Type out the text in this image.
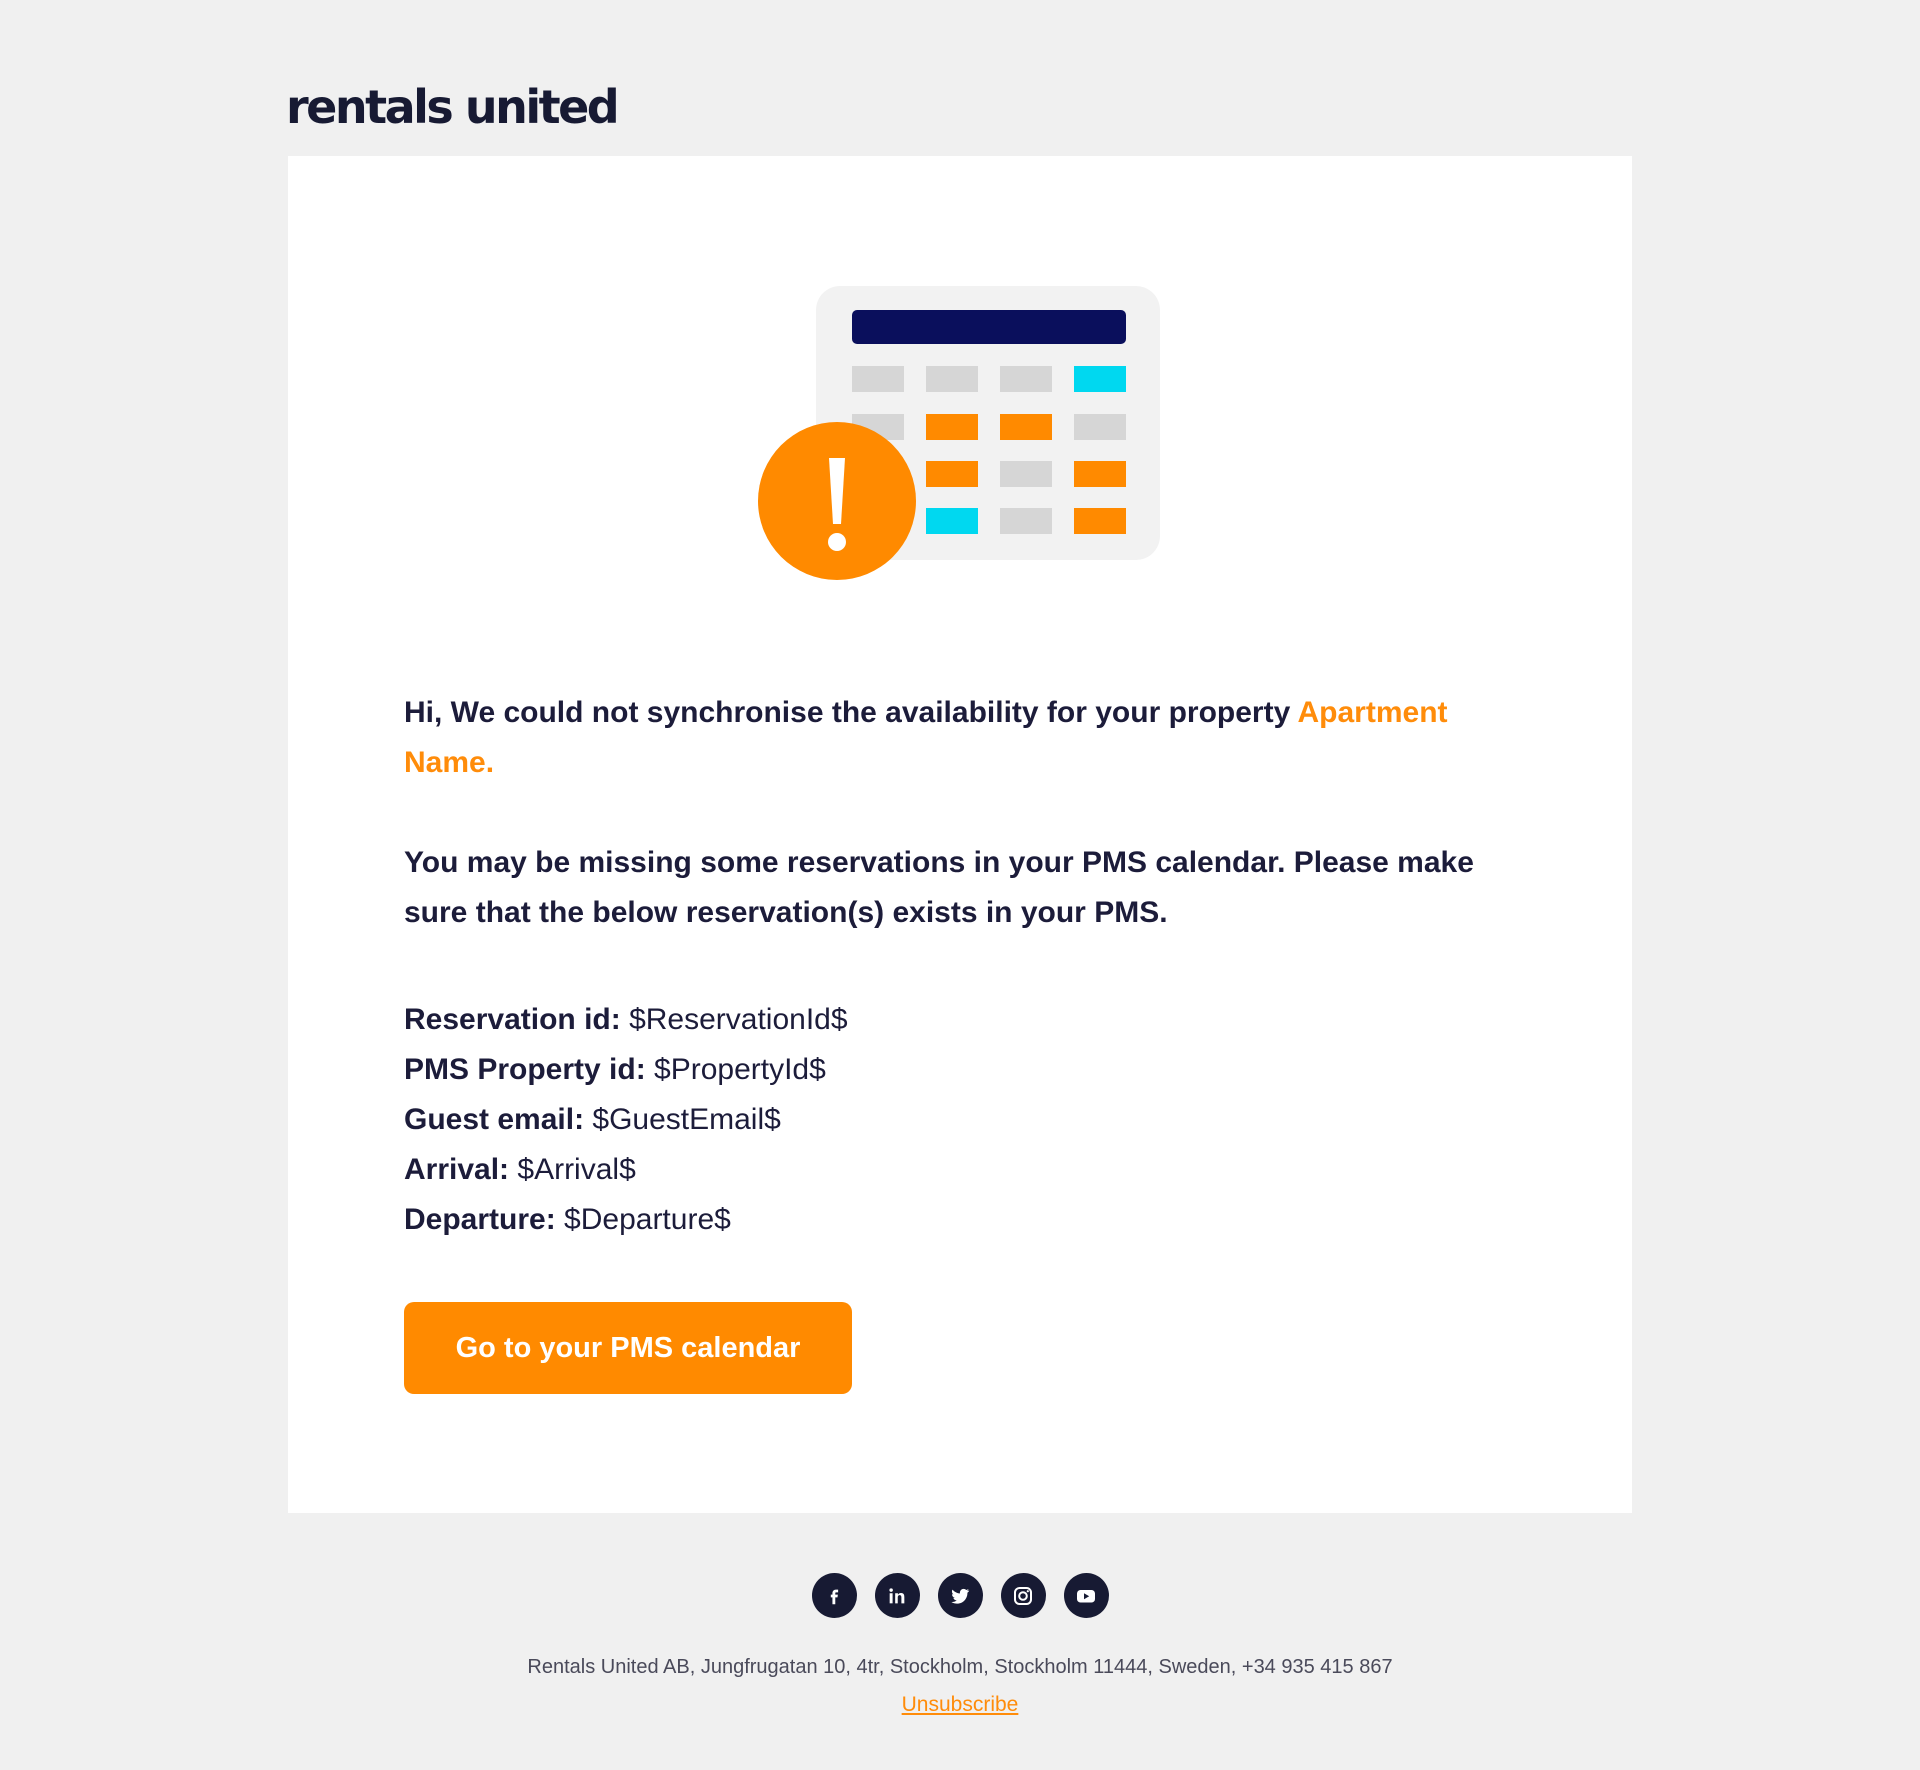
rentals united

Hi, We could not synchronise the availability for your property Apartment Name.

You may be missing some reservations in your PMS calendar. Please make sure that the below reservation(s) exists in your PMS.

Reservation id: $ReservationId$
PMS Property id: $PropertyId$
Guest email: $GuestEmail$
Arrival: $Arrival$
Departure: $Departure$
Go to your PMS calendar
Rentals United AB, Jungfrugatan 10, 4tr, Stockholm, Stockholm 11444, Sweden, +34 935 415 867
Unsubscribe
